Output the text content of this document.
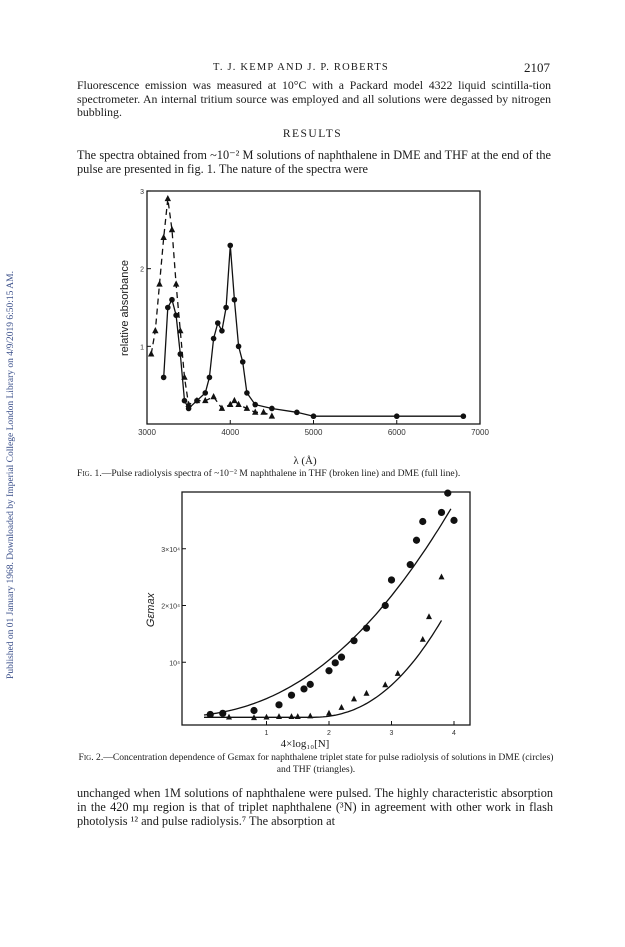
Published on 01 January 1968. Downloaded by Imperial College London Library on 4/9/2019 6:50:15 AM.
T. J. KEMP AND J. P. ROBERTS	2107

Fluorescence emission was measured at 10°C with a Packard model 4322 liquid scintilla-tion spectrometer. An internal tritium source was employed and all solutions were degassed by nitrogen bubbling.

RESULTS

The spectra obtained from ~10⁻² M solutions of naphthalene in DME and THF at the end of the pulse are presented in fig. 1. The nature of the spectra were

3000	4000	5000	6000	7000
1
2
3
relative absorbance
λ (Å)
Fig. 1.—Pulse radiolysis spectra of ~10⁻² M naphthalene in THF (broken line) and DME (full line).
1	2	3	4
10⁴
2×10⁴
3×10⁴
Gεmax
4×log₁₀[N]
Fig. 2.—Concentration dependence of Gεmax for naphthalene triplet state for pulse radiolysis of solutions in DME (circles) and THF (triangles).

unchanged when 1M solutions of naphthalene were pulsed. The highly characteristic absorption in the 420 mμ region is that of triplet naphthalene (³N) in agreement with other work in flash photolysis ¹² and pulse radiolysis.⁷ The absorption at
